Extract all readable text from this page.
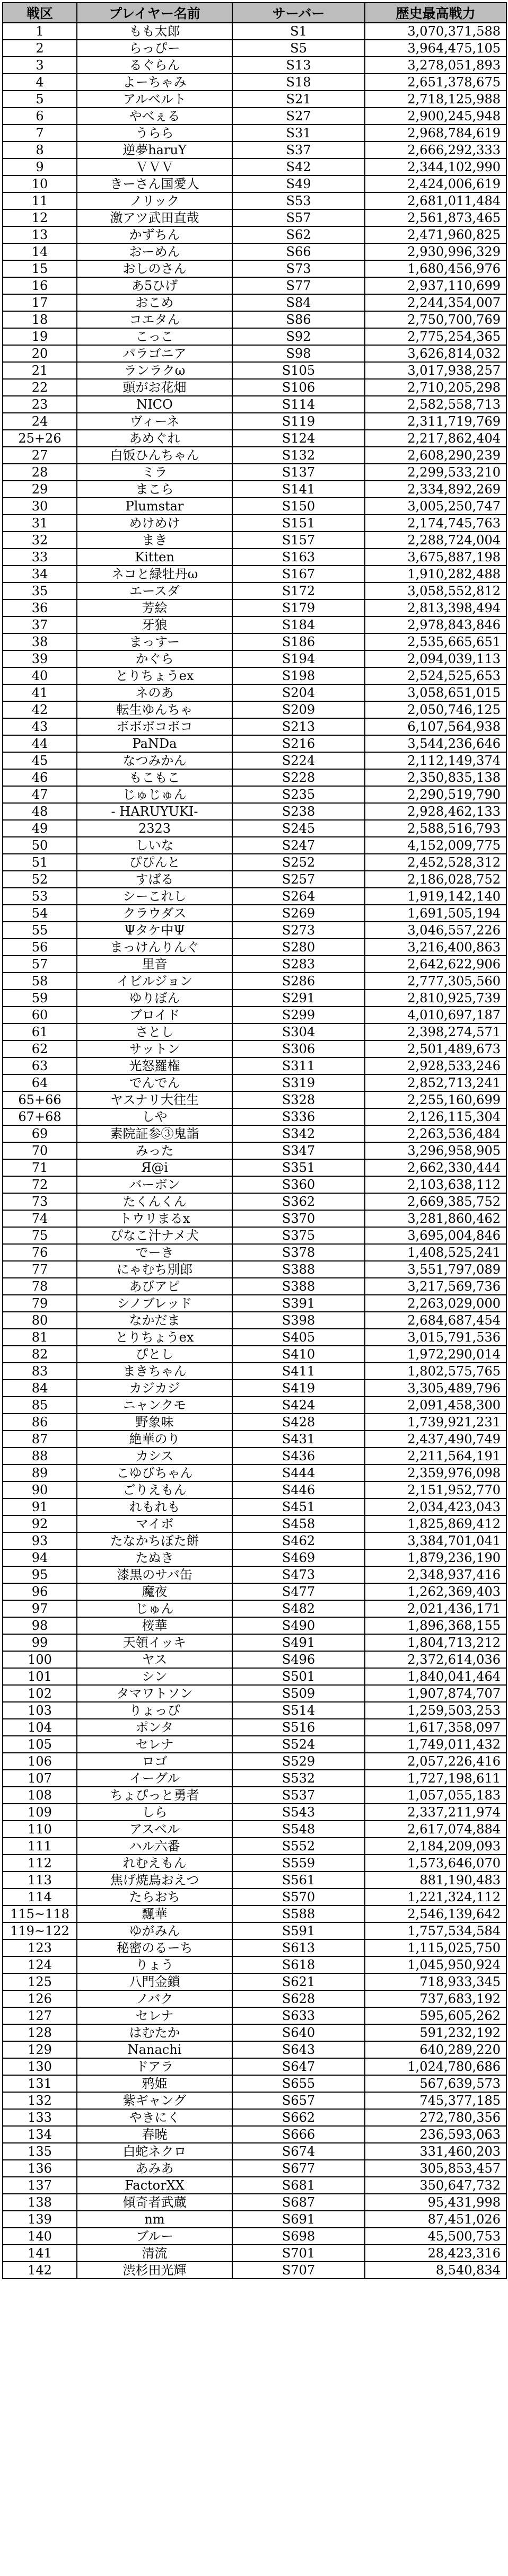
戦区	プレイヤー名前	サーバー	歴史最高戦力
1	もも太郎	S1	3,070,371,588
2	らっぴー	S5	3,964,475,105
3	るぐらん	S13	3,278,051,893
4	よーちゃみ	S18	2,651,378,675
5	アルベルト	S21	2,718,125,988
6	やべぇる	S27	2,900,245,948
7	うらら	S31	2,968,784,619
8	逆夢haruY	S37	2,666,292,333
9	ＶＶＶ	S42	2,344,102,990
10	きーさん国愛人	S49	2,424,006,619
11	ノリック	S53	2,681,011,484
12	激アツ武田直哉	S57	2,561,873,465
13	かずちん	S62	2,471,960,825
14	おーめん	S66	2,930,996,329
15	おしのさん	S73	1,680,456,976
16	あ5ひげ	S77	2,937,110,699
17	おこめ	S84	2,244,354,007
18	コエタん	S86	2,750,700,769
19	こっこ	S92	2,775,254,365
20	パラゴニア	S98	3,626,814,032
21	ランラクω	S105	3,017,938,257
22	頭がお花畑	S106	2,710,205,298
23	NICO	S114	2,582,558,713
24	ヴィーネ	S119	2,311,719,769
25+26	あめぐれ	S124	2,217,862,404
27	白饭ひんちゃん	S132	2,608,290,239
28	ミラ	S137	2,299,533,210
29	まこら	S141	2,334,892,269
30	Plumstar	S150	3,005,250,747
31	めけめけ	S151	2,174,745,763
32	まき	S157	2,288,724,004
33	Kitten	S163	3,675,887,198
34	ネコと緑牡丹ω	S167	1,910,282,488
35	エースダ	S172	3,058,552,812
36	芳絵	S179	2,813,398,494
37	牙狼	S184	2,978,843,846
38	まっすー	S186	2,535,665,651
39	かぐら	S194	2,094,039,113
40	とりちょうex	S198	2,524,525,653
41	ネのあ	S204	3,058,651,015
42	転生ゆんちゃ	S209	2,050,746,125
43	ボボボコボコ	S213	6,107,564,938
44	PaNDa	S216	3,544,236,646
45	なつみかん	S224	2,112,149,374
46	もこもこ	S228	2,350,835,138
47	じゅじゅん	S235	2,290,519,790
48	- HARUYUKI-	S238	2,928,462,133
49	2323	S245	2,588,516,793
50	しいな	S247	4,152,009,775
51	ぴぴんと	S252	2,452,528,312
52	すばる	S257	2,186,028,752
53	シーこれし	S264	1,919,142,140
54	クラウダス	S269	1,691,505,194
55	Ψタケ中Ψ	S273	3,046,557,226
56	まっけんりんぐ	S280	3,216,400,863
57	里音	S283	2,642,622,906
58	イビルジョン	S286	2,777,305,560
59	ゆりぼん	S291	2,810,925,739
60	ブロイド	S299	4,010,697,187
61	さとし	S304	2,398,274,571
62	サットン	S306	2,501,489,673
63	光怒羅権	S311	2,928,533,246
64	でんでん	S319	2,852,713,241
65+66	ヤスナリ大往生	S328	2,255,160,699
67+68	しや	S336	2,126,115,304
69	素院証参③鬼詣	S342	2,263,536,484
70	みった	S347	3,296,958,905
71	Я@i	S351	2,662,330,444
72	バーボン	S360	2,103,638,112
73	たくんくん	S362	2,669,385,752
74	トウリまるx	S370	3,281,860,462
75	ぴなこ汁ナメ犬	S375	3,695,004,846
76	でーき	S378	1,408,525,241
77	にゃむち別郎	S388	3,551,797,089
78	あびアピ	S388	3,217,569,736
79	シノブレッド	S391	2,263,029,000
80	なかだま	S398	2,684,687,454
81	とりちょうex	S405	3,015,791,536
82	ぴとし	S410	1,972,290,014
83	まきちゃん	S411	1,802,575,765
84	カジカジ	S419	3,305,489,796
85	ニャンクモ	S424	2,091,458,300
86	野象味	S428	1,739,921,231
87	絶華のり	S431	2,437,490,749
88	カシス	S436	2,211,564,191
89	こゆびちゃん	S444	2,359,976,098
90	ごりえもん	S446	2,151,952,770
91	れもれも	S451	2,034,423,043
92	マイボ	S458	1,825,869,412
93	たなかちぼた餅	S462	3,384,701,041
94	たぬき	S469	1,879,236,190
95	漆黒のサバ缶	S473	2,348,937,416
96	魔夜	S477	1,262,369,403
97	じゅん	S482	2,021,436,171
98	桜華	S490	1,896,368,155
99	天領イッキ	S491	1,804,713,212
100	ヤス	S496	2,372,614,036
101	シン	S501	1,840,041,464
102	タマワトソン	S509	1,907,874,707
103	りょっぴ	S514	1,259,503,253
104	ポンタ	S516	1,617,358,097
105	セレナ	S524	1,749,011,432
106	ロゴ	S529	2,057,226,416
107	イーグル	S532	1,727,198,611
108	ちょぴっと勇者	S537	1,057,055,183
109	しら	S543	2,337,211,974
110	アスベル	S548	2,617,074,884
111	ハル六番	S552	2,184,209,093
112	れむえもん	S559	1,573,646,070
113	焦げ焼鳥おえつ	S561	881,190,483
114	たらおち	S570	1,221,324,112
115~118	飄華	S588	2,546,139,642
119~122	ゆがみん	S591	1,757,534,584
123	秘密のるーち	S613	1,115,025,750
124	りょう	S618	1,045,950,924
125	八門金鎖	S621	718,933,345
126	ノバク	S628	737,683,192
127	セレナ	S633	595,605,262
128	はむたか	S640	591,232,192
129	Nanachi	S643	640,289,220
130	ドアラ	S647	1,024,780,686
131	鸦姫	S655	567,639,573
132	紫ギャング	S657	745,377,185
133	やきにく	S662	272,780,356
134	春暁	S666	236,593,063
135	白蛇ネクロ	S674	331,460,203
136	あみあ	S677	305,853,457
137	FactorXX	S681	350,647,732
138	傾奇者武蔵	S687	95,431,998
139	nm	S691	87,451,026
140	ブルー	S698	45,500,753
141	清流	S701	28,423,316
142	渋杉田光輝	S707	8,540,834
